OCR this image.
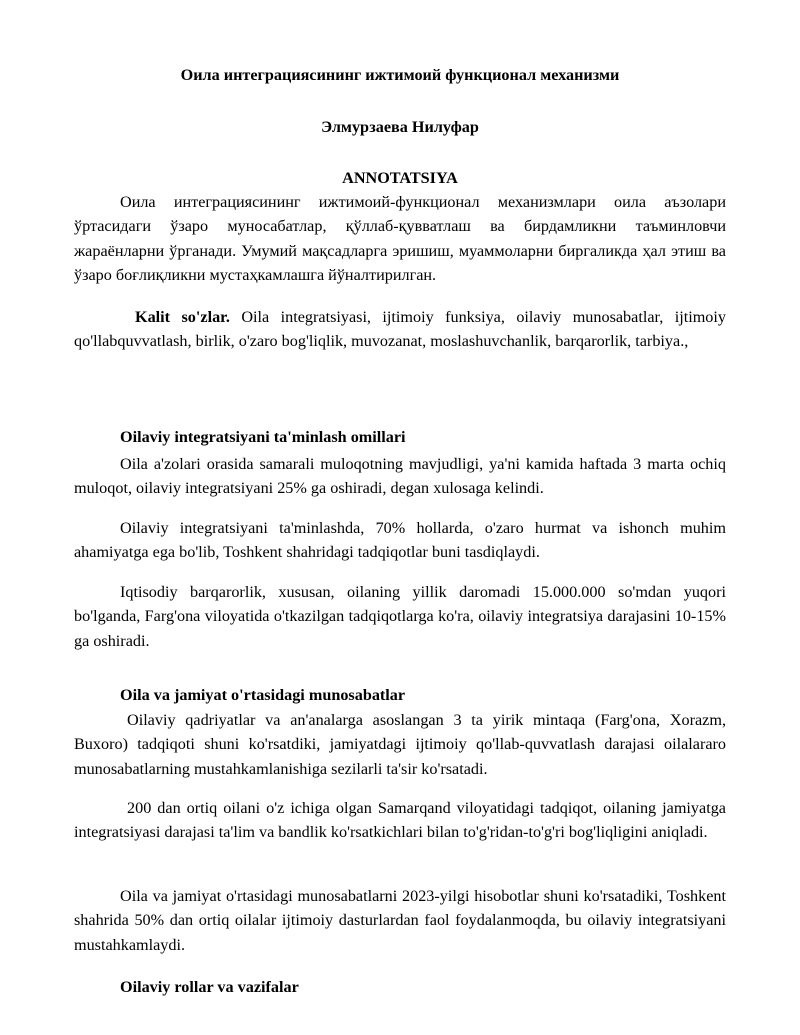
Оила интеграциясининг ижтимоий функционал механизми
Элмурзаева Нилуфар
ANNOTATSIYA

Оила интеграциясининг ижтимоий-функционал механизмлари оила аъзолари ўртасидаги ўзаро муносабатлар, қўллаб-қувватлаш ва бирдамликни таъминловчи жараёнларни ўрганади. Умумий мақсадларга эришиш, муаммоларни биргаликда ҳал этиш ва ўзаро боғлиқликни мустаҳкамлашга йўналтирилган.

Kalit so'zlar. Oila integratsiyasi, ijtimoiy funksiya, oilaviy munosabatlar, ijtimoiy qo'llabquvvatlash, birlik, o'zaro bog'liqlik, muvozanat, moslashuvchanlik, barqarorlik, tarbiya.,

Oilaviy integratsiyani ta'minlash omillari

Oila a'zolari orasida samarali muloqotning mavjudligi, ya'ni kamida haftada 3 marta ochiq muloqot, oilaviy integratsiyani 25% ga oshiradi, degan xulosaga kelindi.

Oilaviy integratsiyani ta'minlashda, 70% hollarda, o'zaro hurmat va ishonch muhim ahamiyatga ega bo'lib, Toshkent shahridagi tadqiqotlar buni tasdiqlaydi.

Iqtisodiy barqarorlik, xususan, oilaning yillik daromadi 15.000.000 so'mdan yuqori bo'lganda, Farg'ona viloyatida o'tkazilgan tadqiqotlarga ko'ra, oilaviy integratsiya darajasini 10-15% ga oshiradi.

Oila va jamiyat o'rtasidagi munosabatlar

Oilaviy qadriyatlar va an'analarga asoslangan 3 ta yirik mintaqa (Farg'ona, Xorazm, Buxoro) tadqiqoti shuni ko'rsatdiki, jamiyatdagi ijtimoiy qo'llab-quvvatlash darajasi oilalararo munosabatlarning mustahkamlanishiga sezilarli ta'sir ko'rsatadi.

200 dan ortiq oilani o'z ichiga olgan Samarqand viloyatidagi tadqiqot, oilaning jamiyatga integratsiyasi darajasi ta'lim va bandlik ko'rsatkichlari bilan to'g'ridan-to'g'ri bog'liqligini aniqladi.

Oila va jamiyat o'rtasidagi munosabatlarni 2023-yilgi hisobotlar shuni ko'rsatadiki, Toshkent shahrida 50% dan ortiq oilalar ijtimoiy dasturlardan faol foydalanmoqda, bu oilaviy integratsiyani mustahkamlaydi.

Oilaviy rollar va vazifalar
